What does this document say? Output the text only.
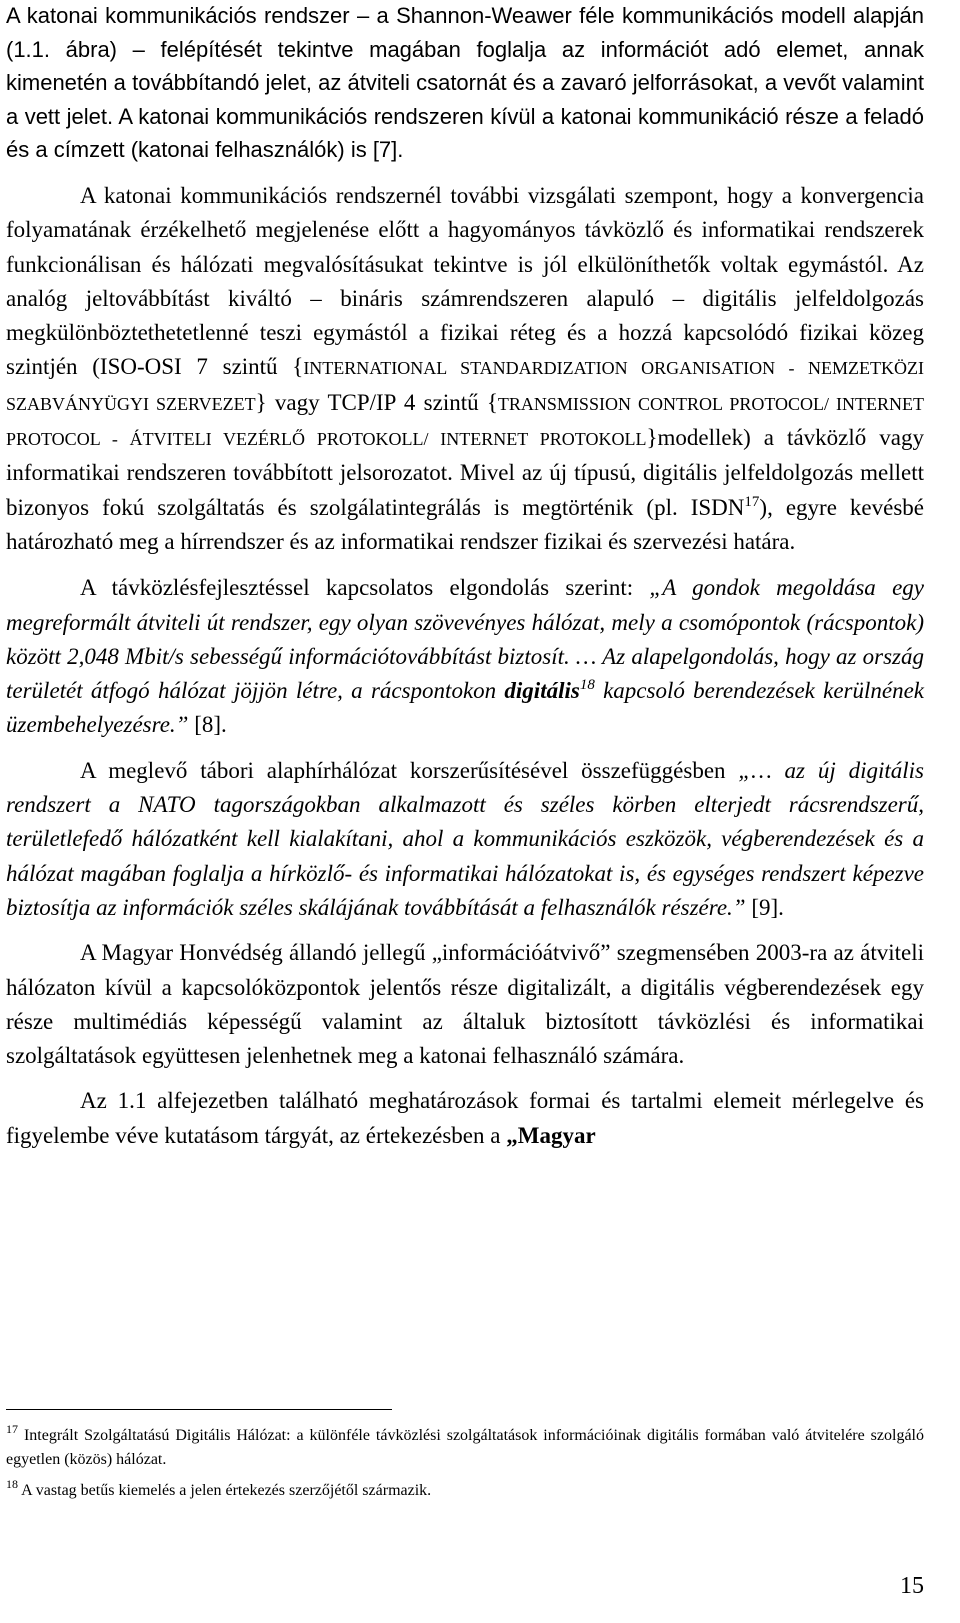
A katonai kommunikációs rendszer – a Shannon-Weawer féle kommunikációs modell alapján (1.1. ábra) – felépítését tekintve magában foglalja az információt adó elemet, annak kimenetén a továbbítandó jelet, az átviteli csatornát és a zavaró jelforrásokat, a vevőt valamint a vett jelet. A katonai kommunikációs rendszeren kívül a katonai kommunikáció része a feladó és a címzett (katonai felhasználók) is [7].

A katonai kommunikációs rendszernél további vizsgálati szempont, hogy a konvergencia folyamatának érzékelhető megjelenése előtt a hagyományos távközlő és informatikai rendszerek funkcionálisan és hálózati megvalósításukat tekintve is jól elkülöníthetők voltak egymástól. Az analóg jeltovábbítást kiváltó – bináris számrendszeren alapuló – digitális jelfeldolgozás megkülönböztethetetlenné teszi egymástól a fizikai réteg és a hozzá kapcsolódó fizikai közeg szintjén (ISO-OSI 7 szintű {INTERNATIONAL STANDARDIZATION ORGANISATION - NEMZETKÖZI SZABVÁNYÜGYI SZERVEZET} vagy TCP/IP 4 szintű {TRANSMISSION CONTROL PROTOCOL/ INTERNET PROTOCOL - ÁTVITELI VEZÉRLŐ PROTOKOLL/ INTERNET PROTOKOLL}modellek) a távközlő vagy informatikai rendszeren továbbított jelsorozatot. Mivel az új típusú, digitális jelfeldolgozás mellett bizonyos fokú szolgáltatás és szolgálatintegrálás is megtörténik (pl. ISDN$^{17}$), egyre kevésbé határozható meg a hírrendszer és az informatikai rendszer fizikai és szervezési határa.

A távközlésfejlesztéssel kapcsolatos elgondolás szerint: „A gondok megoldása egy megreformált átviteli út rendszer, egy olyan szövevényes hálózat, mely a csomópontok (rácspontok) között 2,048 Mbit/s sebességű információtovábbítást biztosít. … Az alapelgondolás, hogy az ország területét átfogó hálózat jöjjön létre, a rácspontokon digitális$^{18}$ kapcsoló berendezések kerülnének üzembehelyezésre.” [8].

A meglevő tábori alaphírhálózat korszerűsítésével összefüggésben „… az új digitális rendszert a NATO tagországokban alkalmazott és széles körben elterjedt rácsrendszerű, területlefedő hálózatként kell kialakítani, ahol a kommunikációs eszközök, végberendezések és a hálózat magában foglalja a hírközlő- és informatikai hálózatokat is, és egységes rendszert képezve biztosítja az információk széles skálájának továbbítását a felhasználók részére.” [9].

A Magyar Honvédség állandó jellegű „információátvivő” szegmensében 2003-ra az átviteli hálózaton kívül a kapcsolóközpontok jelentős része digitalizált, a digitális végberendezések egy része multimédiás képességű valamint az általuk biztosított távközlési és informatikai szolgáltatások együttesen jelenhetnek meg a katonai felhasználó számára.

Az 1.1 alfejezetben található meghatározások formai és tartalmi elemeit mérlegelve és figyelembe véve kutatásom tárgyát, az értekezésben a „Magyar

$^{17}$ Integrált Szolgáltatású Digitális Hálózat: a különféle távközlési szolgáltatások információinak digitális formában való átvitelére szolgáló egyetlen (közös) hálózat.

$^{18}$ A vastag betűs kiemelés a jelen értekezés szerzőjétől származik.

15
